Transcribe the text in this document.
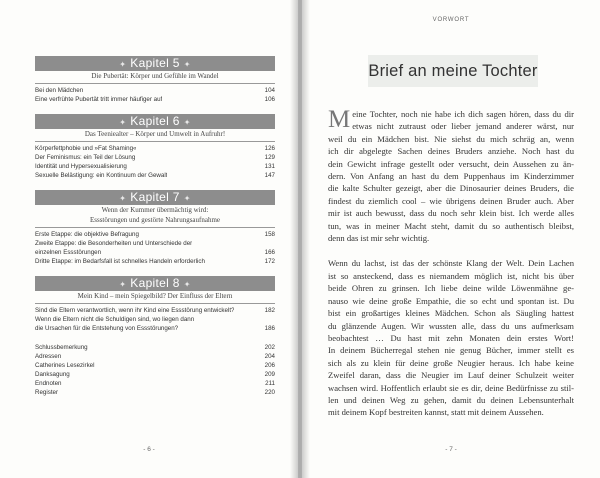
✦ Kapitel 5 ✦
Die Pubertät: Körper und Gefühle im Wandel
Bei den Mädchen	104
Eine verfrühte Pubertät tritt immer häufiger auf	106
✦ Kapitel 6 ✦
Das Teeniealter – Körper und Umwelt in Aufruhr!
Körperfettphobie und »Fat Shaming«	126
Der Feminismus: ein Teil der Lösung	129
Identität und Hypersexualisierung	131
Sexuelle Belästigung: ein Kontinuum der Gewalt	147
✦ Kapitel 7 ✦
Wenn der Kummer übermächtig wird:
Essstörungen und gestörte Nahrungsaufnahme
Erste Etappe: die objektive Befragung	158
Zweite Etappe: die Besonderheiten und Unterschiede der
einzelnen Essstörungen	166
Dritte Etappe: im Bedarfsfall ist schnelles Handeln erforderlich	172
✦ Kapitel 8 ✦
Mein Kind – mein Spiegelbild? Der Einfluss der Eltern
Sind die Eltern verantwortlich, wenn ihr Kind eine Essstörung entwickelt?	182
Wenn die Eltern nicht die Schuldigen sind, wo liegen dann
die Ursachen für die Entstehung von Essstörungen?	186
Schlussbemerkung	202
Adressen	204
Catherines Lesezirkel	206
Danksagung	209
Endnoten	211
Register	220
- 6 -
VORWORT
Brief an meine Tochter
M eine Tochter, noch nie habe ich dich sagen hören, dass du dir
etwas nicht zutraust oder lieber jemand anderer wärst, nur
weil du ein Mädchen bist. Nie siehst du mich schräg an, wenn
ich dir abgelegte Sachen deines Bruders anziehe. Noch hast du
dein Gewicht infrage gestellt oder versucht, dein Aussehen zu än-
dern. Von Anfang an hast du dem Puppenhaus im Kinderzimmer
die kalte Schulter gezeigt, aber die Dinosaurier deines Bruders, die
findest du ziemlich cool – wie übrigens deinen Bruder auch. Aber
mir ist auch bewusst, dass du noch sehr klein bist. Ich werde alles
tun, was in meiner Macht steht, damit du so authentisch bleibst,
denn das ist mir sehr wichtig.
Wenn du lachst, ist das der schönste Klang der Welt. Dein Lachen
ist so ansteckend, dass es niemandem möglich ist, nicht bis über
beide Ohren zu grinsen. Ich liebe deine wilde Löwenmähne ge-
nauso wie deine große Empathie, die so echt und spontan ist. Du
bist ein großartiges kleines Mädchen. Schon als Säugling hattest
du glänzende Augen. Wir wussten alle, dass du uns aufmerksam
beobachtest … Du hast mit zehn Monaten dein erstes Wort!
In deinem Bücherregal stehen nie genug Bücher, immer stellt es
sich als zu klein für deine große Neugier heraus. Ich habe keine
Zweifel daran, dass die Neugier im Lauf deiner Schulzeit weiter
wachsen wird. Hoffentlich erlaubt sie es dir, deine Bedürfnisse zu stil-
len und deinen Weg zu gehen, damit du deinen Lebensunterhalt
mit deinem Kopf bestreiten kannst, statt mit deinem Aussehen.
- 7 -
